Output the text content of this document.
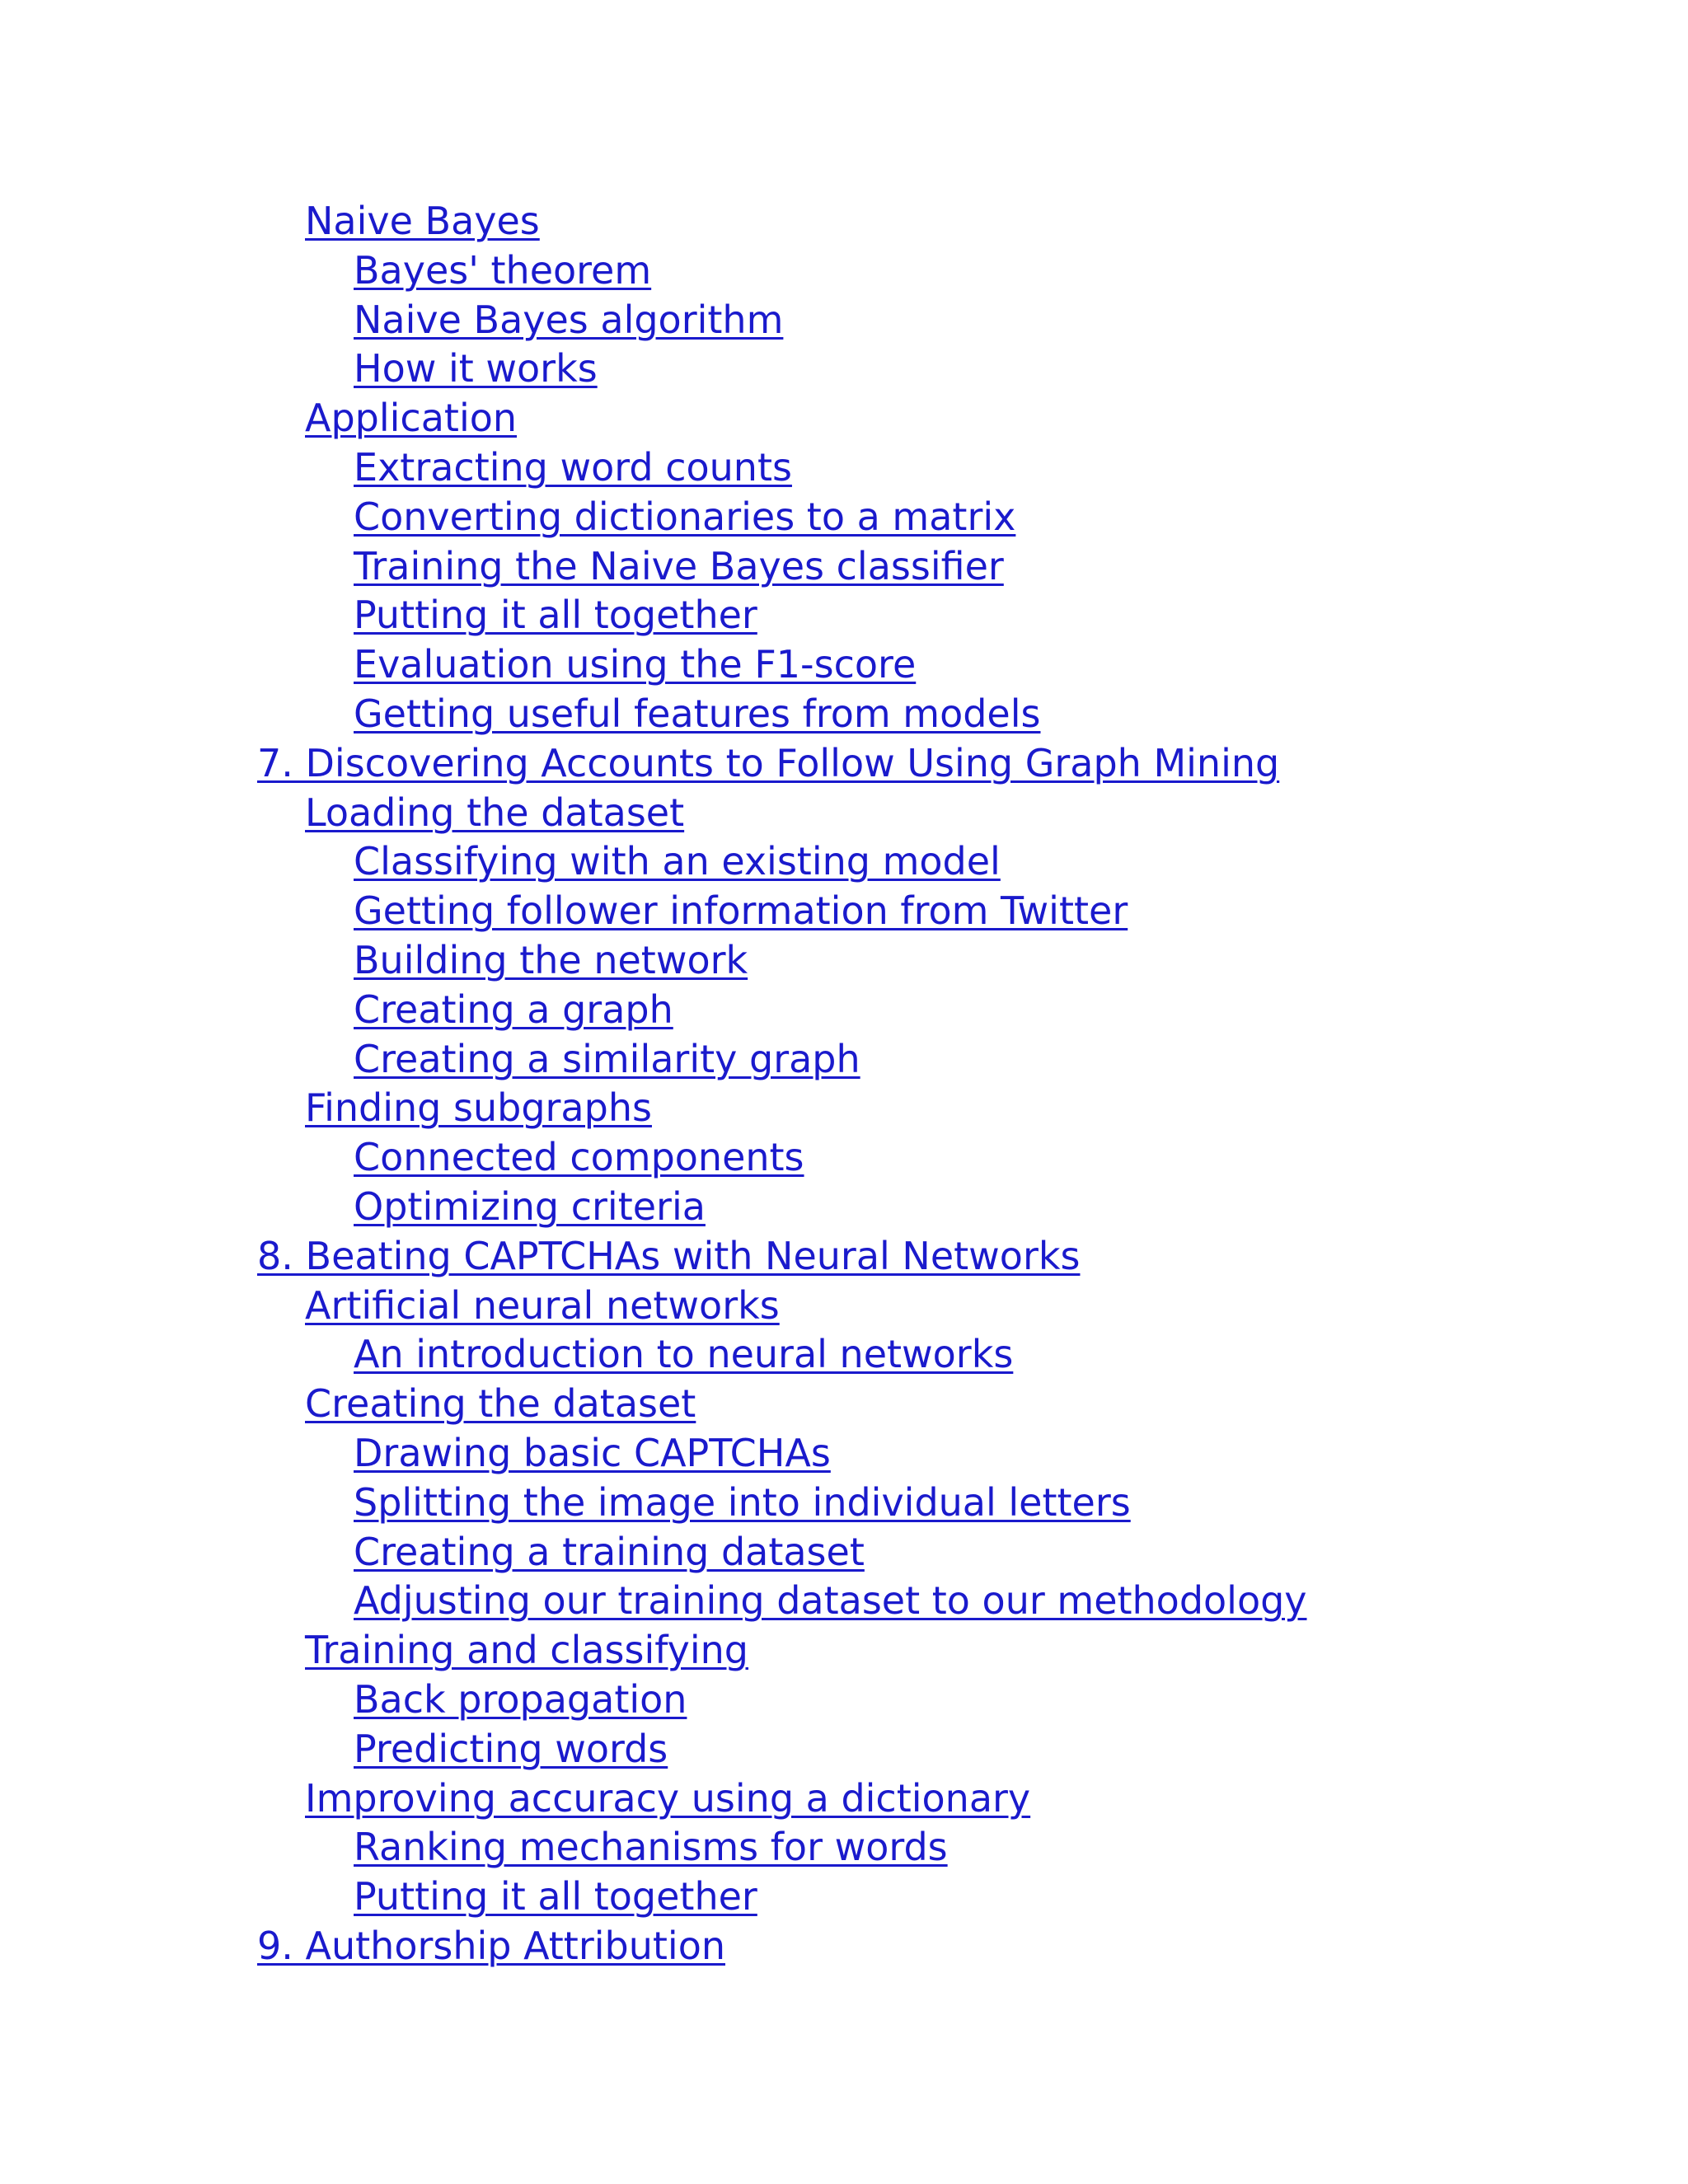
Naive Bayes
Bayes' theorem
Naive Bayes algorithm
How it works
Application
Extracting word counts
Converting dictionaries to a matrix
Training the Naive Bayes classifier
Putting it all together
Evaluation using the F1-score
Getting useful features from models
7. Discovering Accounts to Follow Using Graph Mining
Loading the dataset
Classifying with an existing model
Getting follower information from Twitter
Building the network
Creating a graph
Creating a similarity graph
Finding subgraphs
Connected components
Optimizing criteria
8. Beating CAPTCHAs with Neural Networks
Artificial neural networks
An introduction to neural networks
Creating the dataset
Drawing basic CAPTCHAs
Splitting the image into individual letters
Creating a training dataset
Adjusting our training dataset to our methodology
Training and classifying
Back propagation
Predicting words
Improving accuracy using a dictionary
Ranking mechanisms for words
Putting it all together
9. Authorship Attribution
